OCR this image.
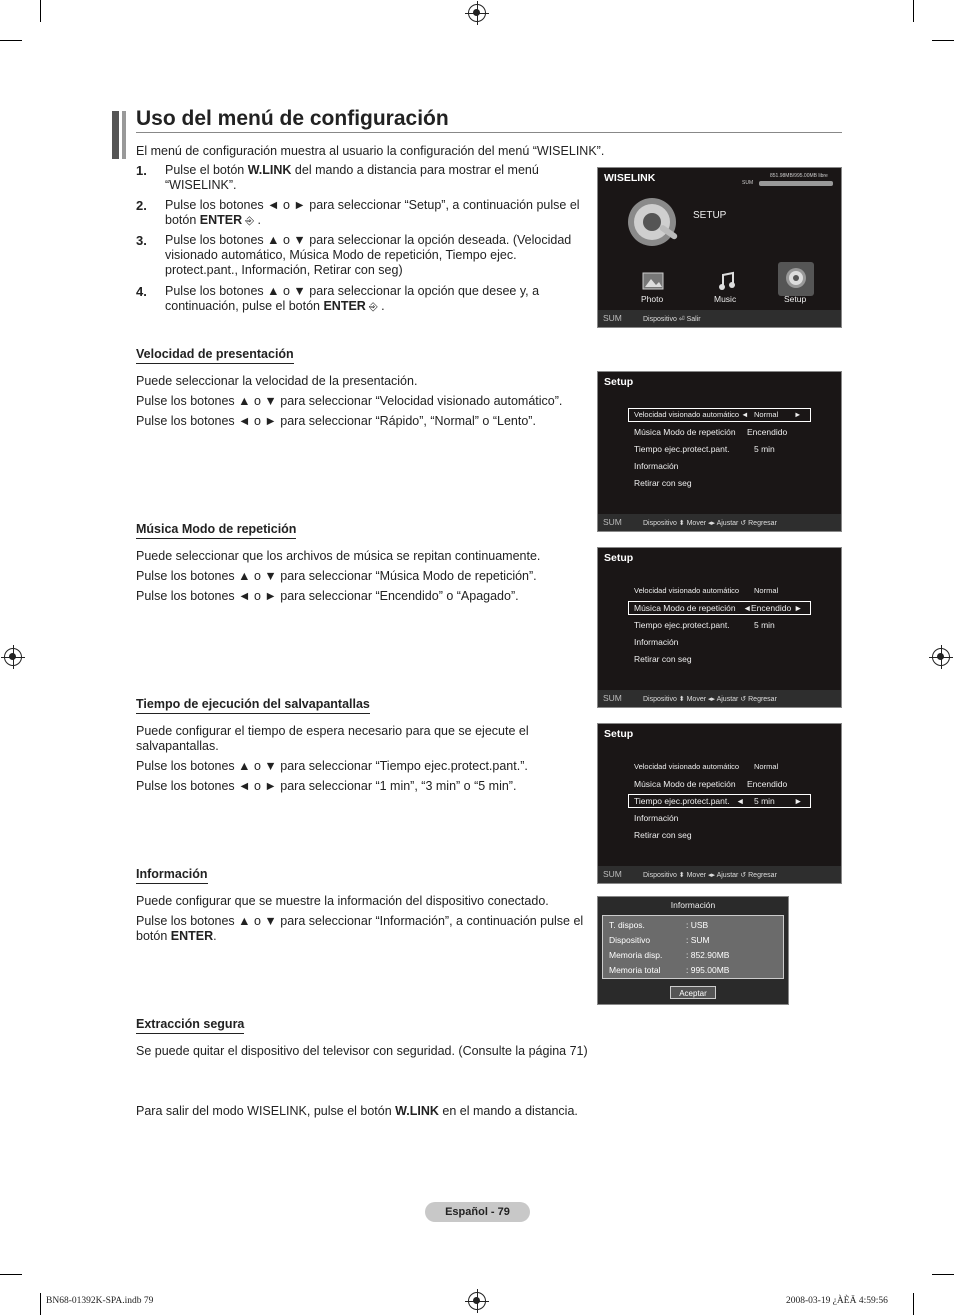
Uso del menú de configuración

El menú de configuración muestra al usuario la configuración del menú “WISELINK”.

1. Pulse el botón W.LINK del mando a distancia para mostrar el menú “WISELINK”.
2. Pulse los botones ◄ o ► para seleccionar “Setup”, a continuación pulse el botón ENTER ⎆ .
3. Pulse los botones ▲ o ▼ para seleccionar la opción deseada. (Velocidad visionado automático, Música Modo de repetición, Tiempo ejec. protect.pant., Información, Retirar con seg)
4. Pulse los botones ▲ o ▼ para seleccionar la opción que desee y, a continuación, pulse el botón ENTER ⎆ .
WISELINK	851.98MB/995.00MB libre
SUM
SETUP
Photo	Music	Setup
SUM	Dispositivo ⏎ Salir
Velocidad de presentación

Puede seleccionar la velocidad de la presentación.

Pulse los botones ▲ o ▼ para seleccionar “Velocidad visionado automático”.

Pulse los botones ◄ o ► para seleccionar “Rápido”, “Normal” o “Lento”.

Setup
Velocidad visionado automático ◄ Normal ►
Música Modo de repetición Encendido
Tiempo ejec.protect.pant.	5 min
Información
Retirar con seg
SUM	Dispositivo ⬍ Mover ◂▸ Ajustar ↺ Regresar
Música Modo de repetición

Puede seleccionar que los archivos de música se repitan continuamente.

Pulse los botones ▲ o ▼ para seleccionar “Música Modo de repetición”.

Pulse los botones ◄ o ► para seleccionar “Encendido” o “Apagado”.

Setup
Velocidad visionado automático Normal
Música Modo de repetición ◄ Encendido ►
Tiempo ejec.protect.pant.	5 min
Información
Retirar con seg
SUM	Dispositivo ⬍ Mover ◂▸ Ajustar ↺ Regresar
Tiempo de ejecución del salvapantallas

Puede configurar el tiempo de espera necesario para que se ejecute el salvapantallas.

Pulse los botones ▲ o ▼ para seleccionar “Tiempo ejec.protect.pant.”.

Pulse los botones ◄ o ► para seleccionar “1 min”, “3 min” o “5 min”.

Setup
Velocidad visionado automático Normal
Música Modo de repetición Encendido
Tiempo ejec.protect.pant. ◄ 5 min ►
Información
Retirar con seg
SUM	Dispositivo ⬍ Mover ◂▸ Ajustar ↺ Regresar
Información

Puede configurar que se muestre la información del dispositivo conectado.

Pulse los botones ▲ o ▼ para seleccionar “Información”, a continuación pulse el botón ENTER.

Información
T. dispos.	: USB
Dispositivo	: SUM
Memoria disp.	: 852.90MB
Memoria total	: 995.00MB
Aceptar
Extracción segura

Se puede quitar el dispositivo del televisor con seguridad. (Consulte la página 71)

Para salir del modo WISELINK, pulse el botón W.LINK en el mando a distancia.

Español - 79
BN68-01392K-SPA.indb 79	2008-03-19 ¿ÀÈÄ 4:59:56
